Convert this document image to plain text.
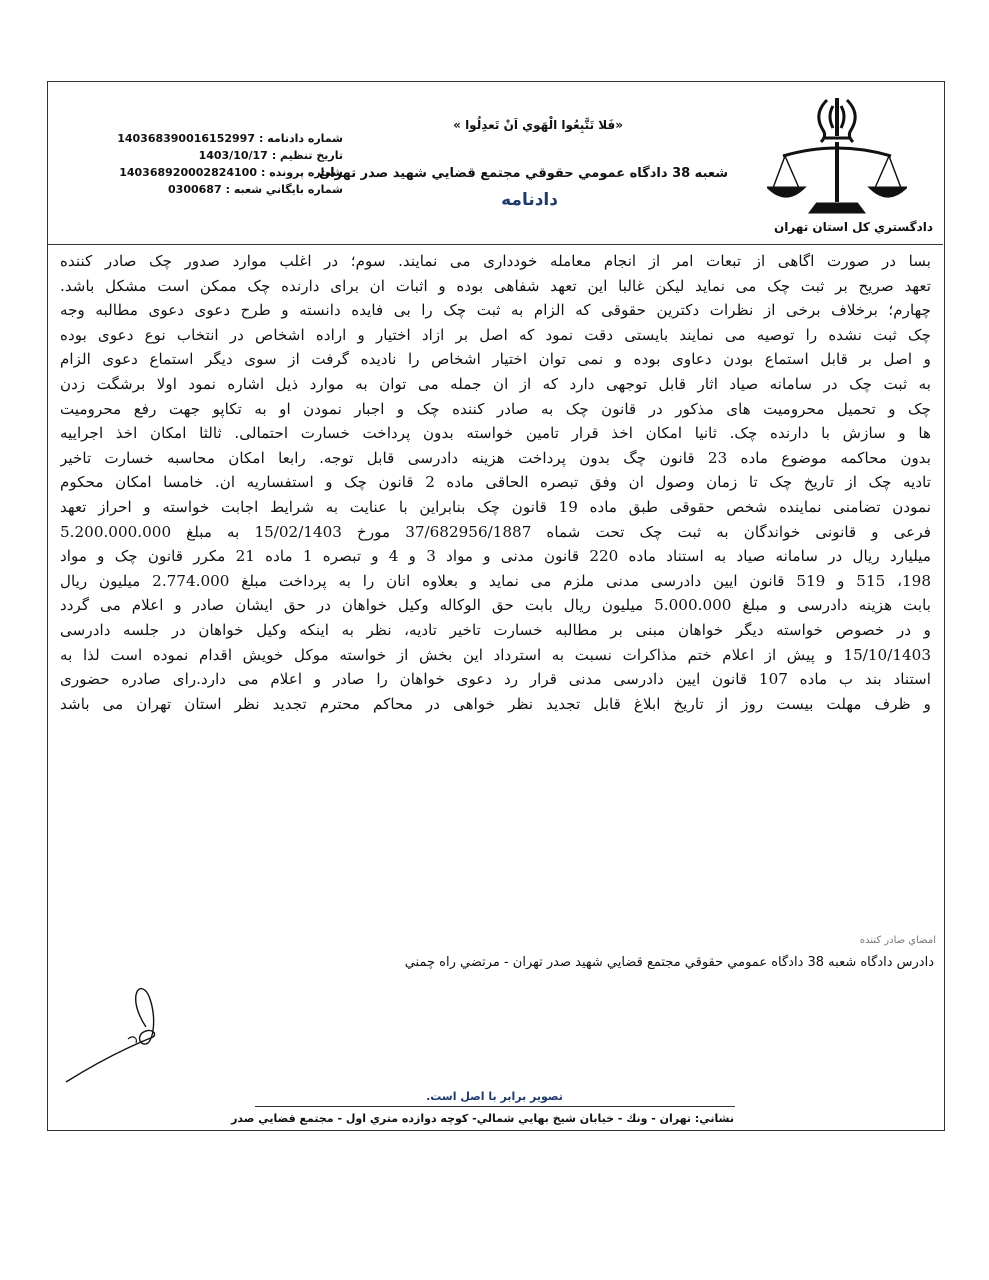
دادگستري كل استان تهران
«فَلا تَتَّبِعُوا الْهَوي اَنْ تَعدِلُوا »
شعبه 38 دادگاه عمومي حقوقي مجتمع قضايي شهيد صدر تهران
دادنامه
شماره دادنامه :140368390016152997
تاريخ تنظيم :1403/10/17
شماره پرونده :140368920002824100
شماره بايگاني شعبه :0300687
بسا در صورت اگاهی از تبعات امر از انجام معامله خودداری می نمایند. سوم؛ در اغلب موارد صدور چک صادر کننده
تعهد صریح بر ثبت چک می نماید لیکن غالبا این تعهد شفاهی بوده و اثبات ان برای دارنده چک ممکن است مشکل باشد.
چهارم؛ برخلاف برخی از نظرات دکترین حقوقی که الزام به ثبت چک را بی فایده دانسته و طرح دعوی دعوی مطالبه وجه
چک ثبت نشده را توصیه می نمایند بایستی دقت نمود که اصل بر ازاد اختیار و اراده اشخاص در انتخاب نوع دعوی بوده
و اصل بر قابل استماع بودن دعاوی بوده و نمی توان اختیار اشخاص را نادیده گرفت از سوی دیگر استماع دعوی الزام
به ثبت چک در سامانه صیاد اثار قابل توجهی دارد که از ان جمله می توان به موارد ذیل اشاره نمود اولا برشگت زدن
چک و تحمیل محرومیت های مذکور در قانون چک به صادر کننده چک و اجبار نمودن او به تکاپو جهت رفع محرومیت
ها و سازش با دارنده چک. ثانیا امکان اخذ قرار تامین خواسته بدون پرداخت خسارت احتمالی. ثالثا امکان اخذ اجراییه
بدون محاکمه موضوع ماده 23 قانون چگ بدون پرداخت هزینه دادرسی قابل توجه. رابعا امکان محاسبه خسارت تاخیر
تادیه چک از تاریخ چک تا زمان وصول ان وفق تبصره الحاقی ماده 2 قانون چک و استفساریه ان. خامسا امکان محکوم
نمودن تضامنی نماینده شخص حقوقی طبق ماده 19 قانون چک بنابراین با عنایت به شرایط اجابت خواسته و احراز تعهد
فرعی و قانونی خواندگان به ثبت چک تحت شماه 37/682956/1887 مورخ 15/02/1403 به مبلغ 5.200.000.000
میلیارد ریال در سامانه صیاد به استناد ماده 220 قانون مدنی و مواد 3 و 4 و تبصره 1 ماده 21 مکرر قانون چک و مواد
198، 515 و 519 قانون ایین دادرسی مدنی ملزم می نماید و بعلاوه انان را به پرداخت مبلغ 2.774.000 میلیون ریال
بابت هزینه دادرسی و مبلغ 5.000.000 میلیون ریال بابت حق الوکاله وکیل خواهان در حق ایشان صادر و اعلام می گردد
و در خصوص خواسته دیگر خواهان مبنی بر مطالبه خسارت تاخیر تادیه، نظر به اینکه وکیل خواهان در جلسه دادرسی
15/10/1403 و پیش از اعلام ختم مذاکرات نسبت به استرداد این بخش از خواسته موکل خویش اقدام نموده است لذا به
استناد بند ب ماده 107 قانون ایین دادرسی مدنی قرار رد دعوی خواهان را صادر و اعلام می دارد.رای صادره حضوری
و ظرف مهلت بیست روز از تاریخ ابلاغ قابل تجدید نظر خواهی در محاکم محترم تجدید نظر استان تهران می باشد
امضاي صادر كننده
دادرس دادگاه شعبه 38 دادگاه عمومي حقوقي مجتمع قضايي شهيد صدر تهران - مرتضي راه چمني
تصوير برابر با اصل است.
نشاني: تهران - ونك - خيابان شيخ بهايي شمالي- كوچه دوازده متري اول - مجتمع قضايي صدر
